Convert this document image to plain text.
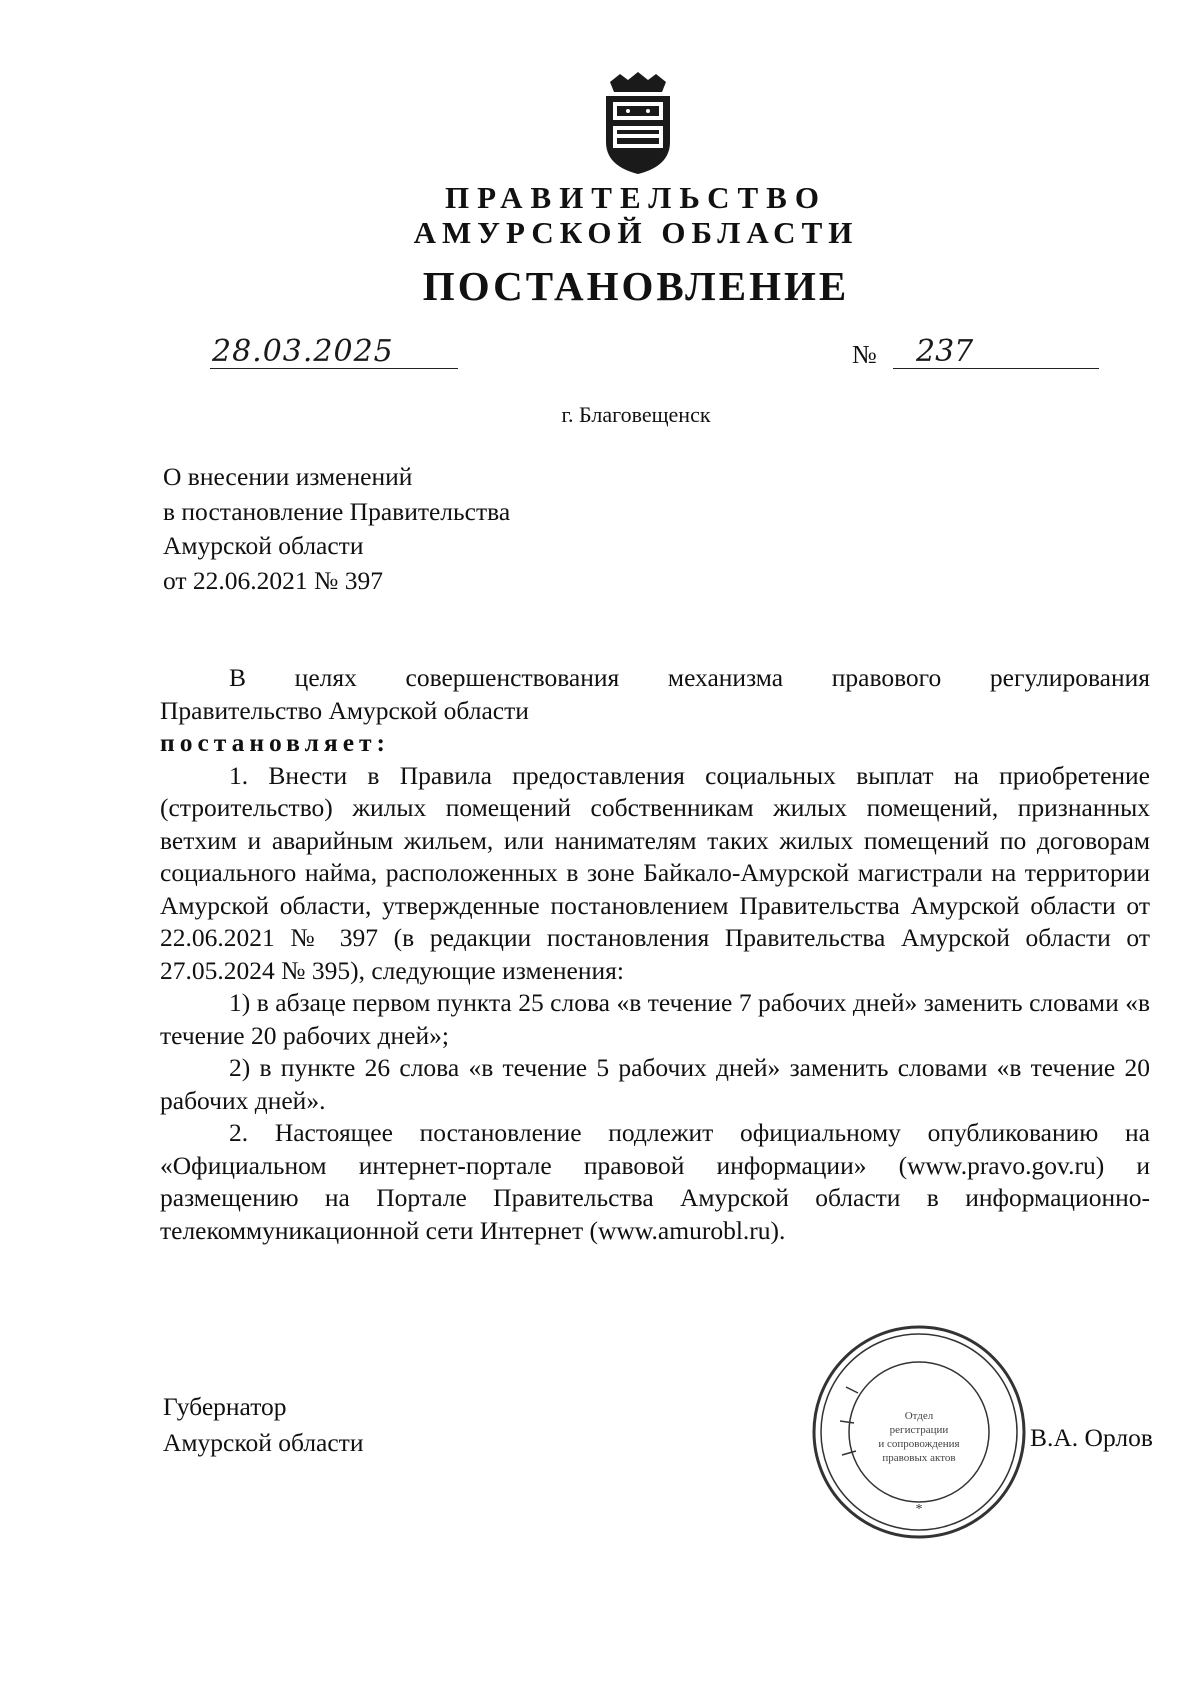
ПРАВИТЕЛЬСТВО
АМУРСКОЙ ОБЛАСТИ
ПОСТАНОВЛЕНИЕ
28.03.2025	№ 237
г. Благовещенск
О внесении изменений
в постановление Правительства
Амурской области
от 22.06.2021 № 397

В целях совершенствования механизма правового регулирования

Правительство Амурской области

постановляет:

1. Внести в Правила предоставления социальных выплат на приобретение (строительство) жилых помещений собственникам жилых помещений, признанных ветхим и аварийным жильем, или нанимателям таких жилых помещений по договорам социального найма, расположенных в зоне Байкало-Амурской магистрали на территории Амурской области, утвержденные постановлением Правительства Амурской области от 22.06.2021 № 397 (в редакции постановления Правительства Амурской области от 27.05.2024 № 395), следующие изменения:

1) в абзаце первом пункта 25 слова «в течение 7 рабочих дней» заменить словами «в течение 20 рабочих дней»;

2) в пункте 26 слова «в течение 5 рабочих дней» заменить словами «в течение 20 рабочих дней».

2. Настоящее постановление подлежит официальному опубликованию на «Официальном интернет-портале правовой информации» (www.pravo.gov.ru) и размещению на Портале Правительства Амурской области в информационно-телекоммуникационной сети Интернет (www.amurobl.ru).

Губернатор
Амурской области
Отдел
регистрации
и сопровождения
правовых актов
*
В.А. Орлов
